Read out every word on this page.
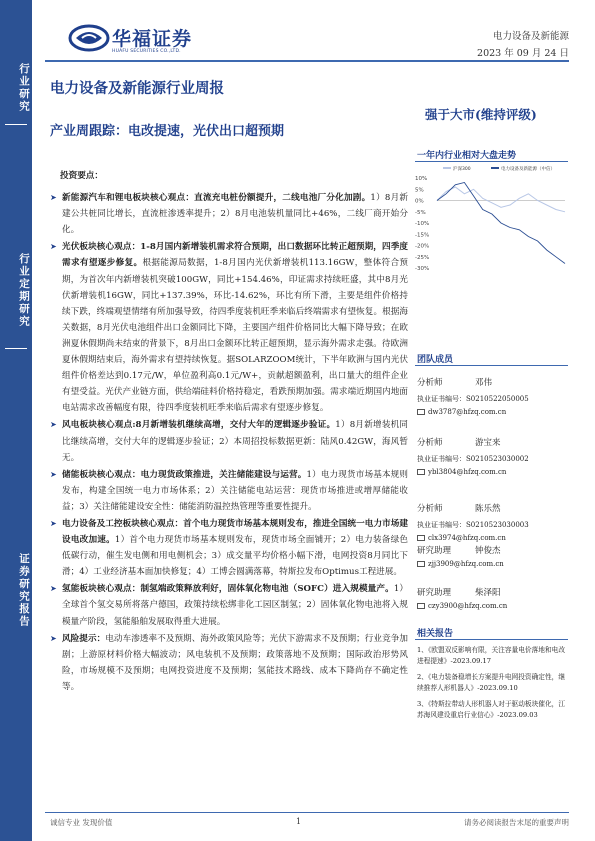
行业研究
行业定期研究
证券研究报告
华福证券
HUAFU SECURITIES CO.,LTD.
电力设备及新能源
2023 年 09 月 24 日
电力设备及新能源行业周报
强于大市(维持评级)
产业周跟踪：电改提速，光伏出口超预期
投资要点：
➤ 新能源汽车和锂电板块核心观点：直流充电桩份额提升，二线电池厂分化加剧。1）8月新建公共桩同比增长，直流桩渗透率提升；2）8月电池装机量同比+46%，二线厂商开始分化。
➤ 光伏板块核心观点：1-8月国内新增装机需求符合预期，出口数据环比转正超预期，四季度需求有望逐步修复。根据能源局数据，1-8月国内光伏新增装机113.16GW，整体符合预期，为首次年内新增装机突破100GW，同比+154.46%，印证需求持续旺盛，其中8月光伏新增装机16GW，同比+137.39%，环比-14.62%，环比有所下滑，主要是组件价格持续下跌，终端观望情绪有所加强导致，待四季度装机旺季来临后终端需求有望恢复。根据海关数据，8月光伏电池组件出口金额同比下降，主要国产组件价格同比大幅下降导致；在欧洲夏休假期尚未结束的背景下，8月出口金额环比转正超预期，显示海外需求走强。待欧洲夏休假期结束后，海外需求有望持续恢复。据SOLARZOOM统计，下半年欧洲与国内光伏组件价格差达到0.17元/W，单位盈利高0.1元/W+，贡献超额盈利，出口量大的组件企业有望受益。光伏产业链方面，供给端硅料价格持稳定，看跌预期加强。需求端近期国内地面电站需求改善幅度有限，待四季度装机旺季来临后需求有望逐步修复。
➤ 风电板块核心观点:8月新增装机继续高增，交付大年的逻辑逐步验证。1）8月新增装机同比继续高增，交付大年的逻辑逐步验证；2）本周招投标数据更新：陆风0.42GW，海风暂无。
➤ 储能板块核心观点：电力现货政策推进，关注储能建设与运营。1）电力现货市场基本规则发布，构建全国统一电力市场体系；2）关注储能电站运营：现货市场推进或增厚储能收益；3）关注储能建设安全性：储能消防温控热管理等重要性提升。
➤ 电力设备及工控板块核心观点：首个电力现货市场基本规则发布，推进全国统一电力市场建设电改加速。1）首个电力现货市场基本规则发布，现货市场全面铺开；2）电力装备绿色低碳行动，催生发电侧和用电侧机会；3）成交量平均价格小幅下滑，电网投资8月同比下滑；4）工业经济基本面加快修复；4）工博会圆满落幕，特斯拉发布Optimus工程进展。
➤ 氢能板块核心观点：制氢端政策释放利好，固体氧化物电池（SOFC）进入规模量产。1）全球首个氢交易所将落户德国，政策持续松绑非化工园区制氢；2）固体氧化物电池将入规模量产阶段，氢能船舶发展取得重大进展。
➤ 风险提示：电动车渗透率不及预期、海外政策风险等；光伏下游需求不及预期；行业竞争加剧；上游原材料价格大幅波动；风电装机不及预期；政策落地不及预期；国际政治形势风险，市场规模不及预期；电网投资进度不及预期；氢能技术路线、成本下降尚存不确定性等。
一年内行业相对大盘走势
10%
5%
0%
-5%
-10%
-15%
-20%
-25%
-30%
沪深300	电力设备及新能源（中信）
团队成员
分析师	邓伟
执业证书编号：S0210522050005
dw3787@hfzq.com.cn
分析师	游宝来
执业证书编号：S0210523030002
ybl3804@hfzq.com.cn
分析师	陈乐然
执业证书编号：S0210523030003
clx3974@hfzq.com.cn
研究助理	钟俊杰
zjj3909@hfzq.com.cn
研究助理	柴泽阳
czy3900@hfzq.com.cn
相关报告
1、《欧盟双反影响有限，关注容量电价落地和电改进程提速》-2023.09.17
2、《电力装备稳增长方案提升电网投资确定性，继续推荐人形机器人》-2023.09.10
3、《特斯拉带动人形机器人对于驱动板块催化，江苏海风建设重启行业信心》-2023.09.03
诚信专业 发现价值	1	请务必阅读报告末尾的重要声明
